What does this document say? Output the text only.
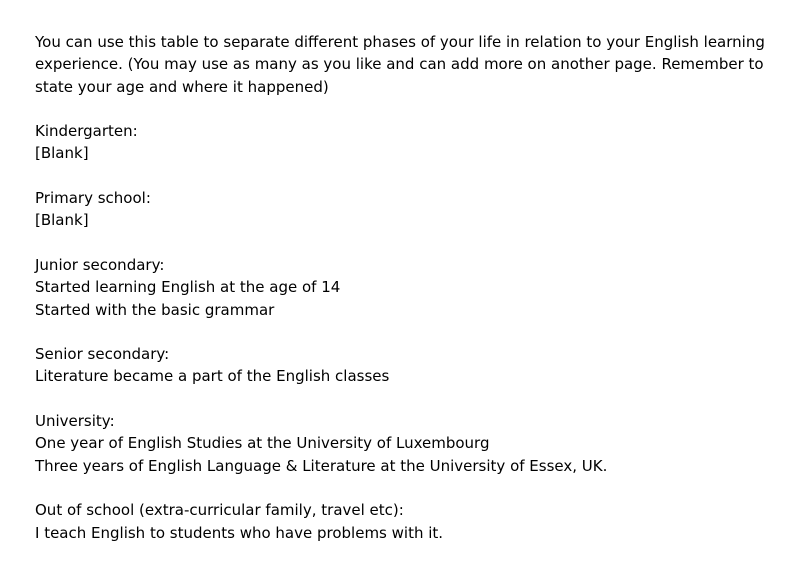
You can use this table to separate different phases of your life in relation to your English learning
experience. (You may use as many as you like and can add more on another page. Remember to
state your age and where it happened)
Kindergarten:
[Blank]
Primary school:
[Blank]
Junior secondary:
Started learning English at the age of 14
Started with the basic grammar
Senior secondary:
Literature became a part of the English classes
University:
One year of English Studies at the University of Luxembourg
Three years of English Language & Literature at the University of Essex, UK.
Out of school (extra-curricular family, travel etc):
I teach English to students who have problems with it.
